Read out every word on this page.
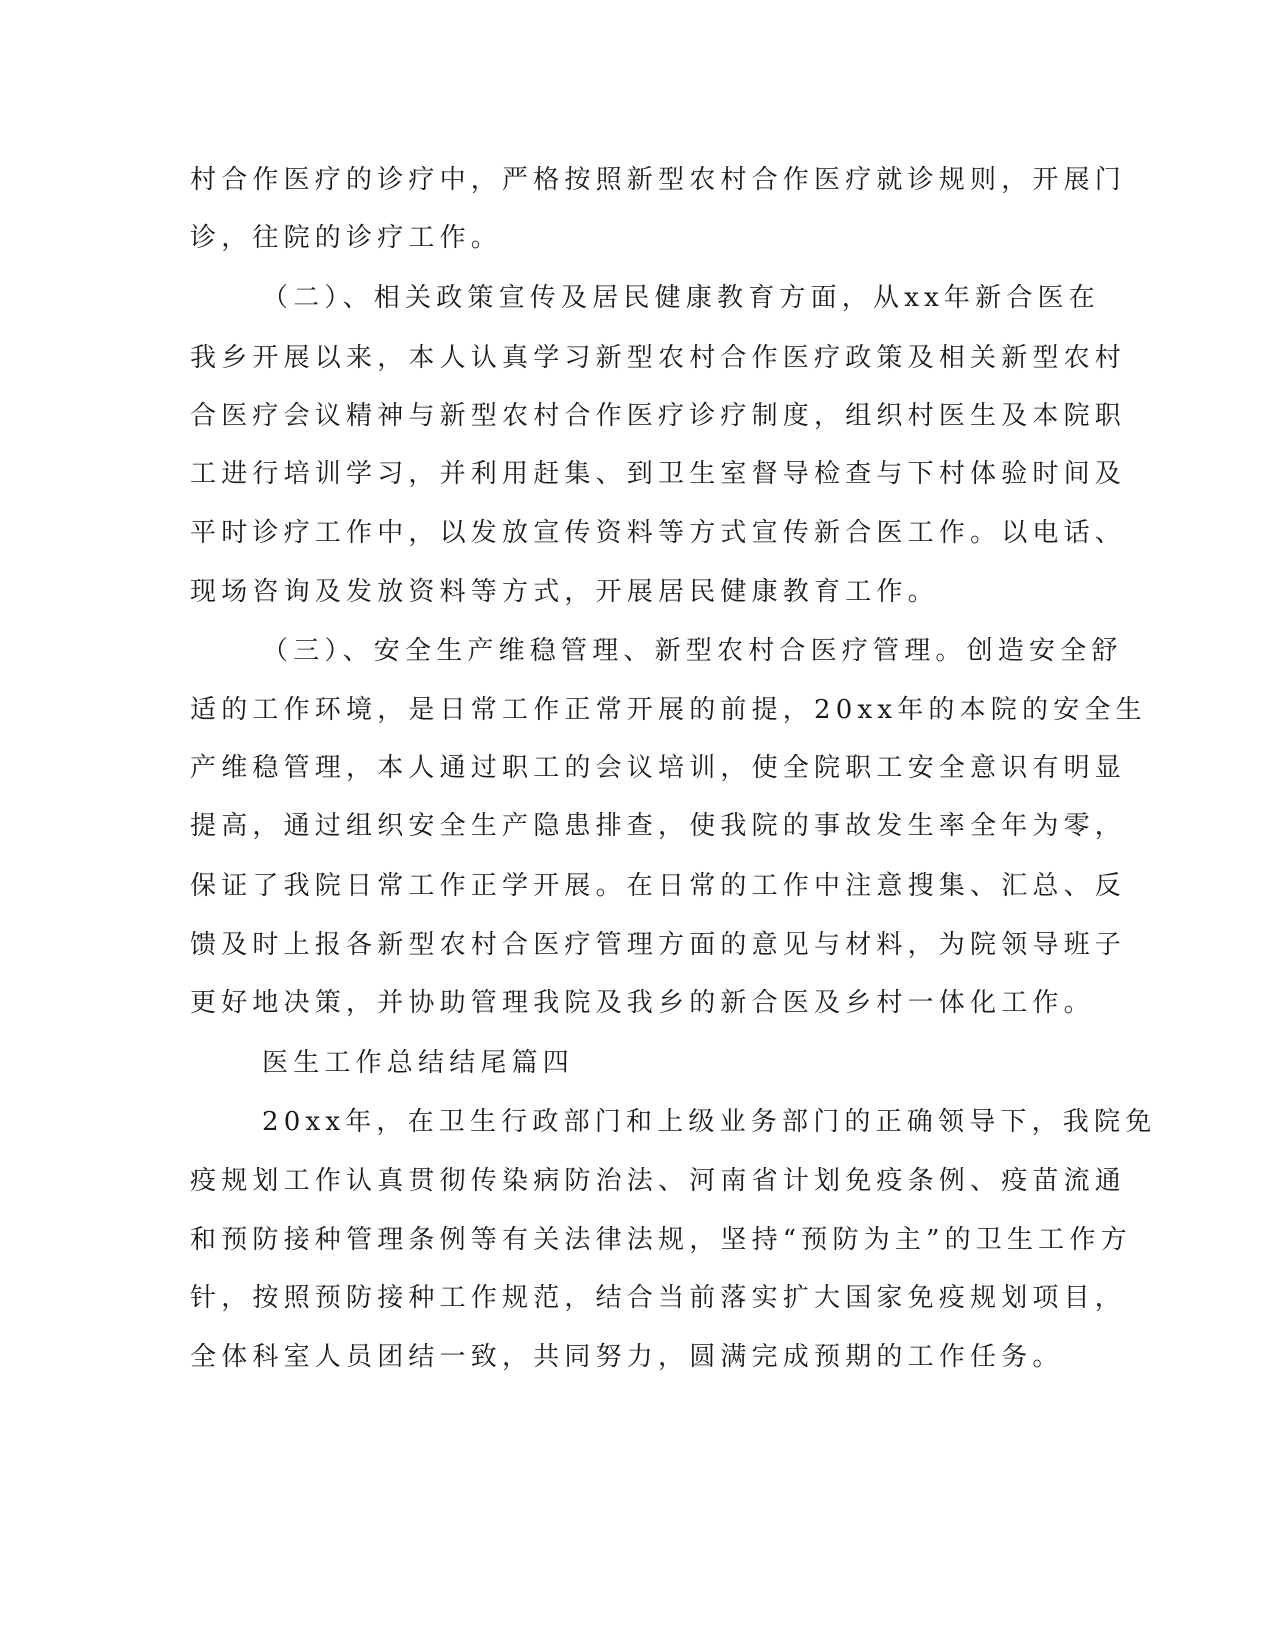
村合作医疗的诊疗中，严格按照新型农村合作医疗就诊规则，开展门
诊，往院的诊疗工作。
（二）、相关政策宣传及居民健康教育方面，从xx年新合医在
我乡开展以来，本人认真学习新型农村合作医疗政策及相关新型农村
合医疗会议精神与新型农村合作医疗诊疗制度，组织村医生及本院职
工进行培训学习，并利用赶集、到卫生室督导检查与下村体验时间及
平时诊疗工作中，以发放宣传资料等方式宣传新合医工作。以电话、
现场咨询及发放资料等方式，开展居民健康教育工作。
（三）、安全生产维稳管理、新型农村合医疗管理。创造安全舒
适的工作环境，是日常工作正常开展的前提，20xx年的本院的安全生
产维稳管理，本人通过职工的会议培训，使全院职工安全意识有明显
提高，通过组织安全生产隐患排查，使我院的事故发生率全年为零，
保证了我院日常工作正学开展。在日常的工作中注意搜集、汇总、反
馈及时上报各新型农村合医疗管理方面的意见与材料，为院领导班子
更好地决策，并协助管理我院及我乡的新合医及乡村一体化工作。
医生工作总结结尾篇四
20xx年，在卫生行政部门和上级业务部门的正确领导下，我院免
疫规划工作认真贯彻传染病防治法、河南省计划免疫条例、疫苗流通
和预防接种管理条例等有关法律法规，坚持“预防为主”的卫生工作方
针，按照预防接种工作规范，结合当前落实扩大国家免疫规划项目，
全体科室人员团结一致，共同努力，圆满完成预期的工作任务。
